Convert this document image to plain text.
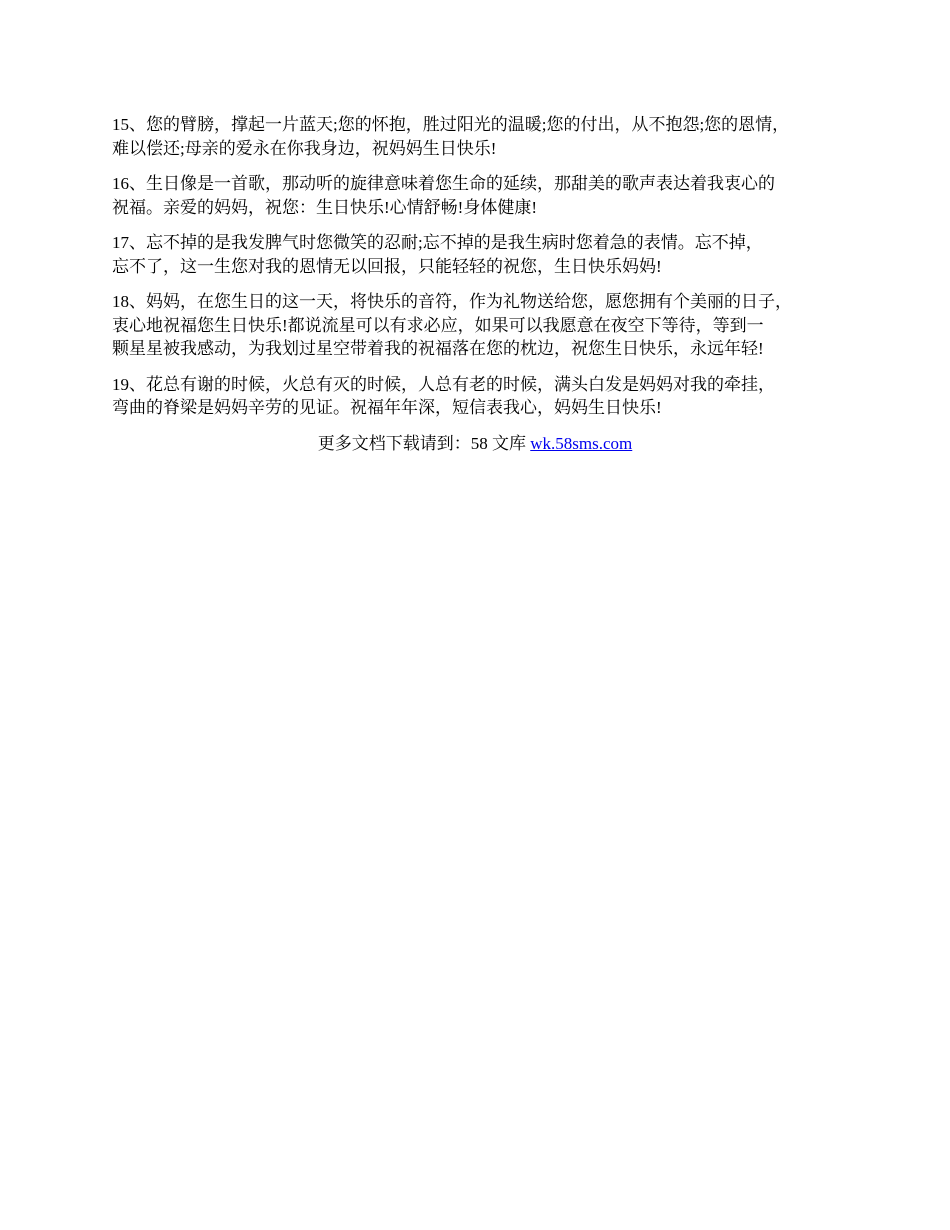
15、您的臂膀，撑起一片蓝天;您的怀抱，胜过阳光的温暖;您的付出，从不抱怨;您的恩情，
难以偿还;母亲的爱永在你我身边，祝妈妈生日快乐!

16、生日像是一首歌，那动听的旋律意味着您生命的延续，那甜美的歌声表达着我衷心的
祝福。亲爱的妈妈，祝您：生日快乐!心情舒畅!身体健康!

17、忘不掉的是我发脾气时您微笑的忍耐;忘不掉的是我生病时您着急的表情。忘不掉，
忘不了，这一生您对我的恩情无以回报，只能轻轻的祝您，生日快乐妈妈!

18、妈妈，在您生日的这一天，将快乐的音符，作为礼物送给您，愿您拥有个美丽的日子，
衷心地祝福您生日快乐!都说流星可以有求必应，如果可以我愿意在夜空下等待，等到一
颗星星被我感动，为我划过星空带着我的祝福落在您的枕边，祝您生日快乐，永远年轻!

19、花总有谢的时候，火总有灭的时候，人总有老的时候，满头白发是妈妈对我的牵挂，
弯曲的脊梁是妈妈辛劳的见证。祝福年年深，短信表我心，妈妈生日快乐!

更多文档下载请到：58 文库 wk.58sms.com
